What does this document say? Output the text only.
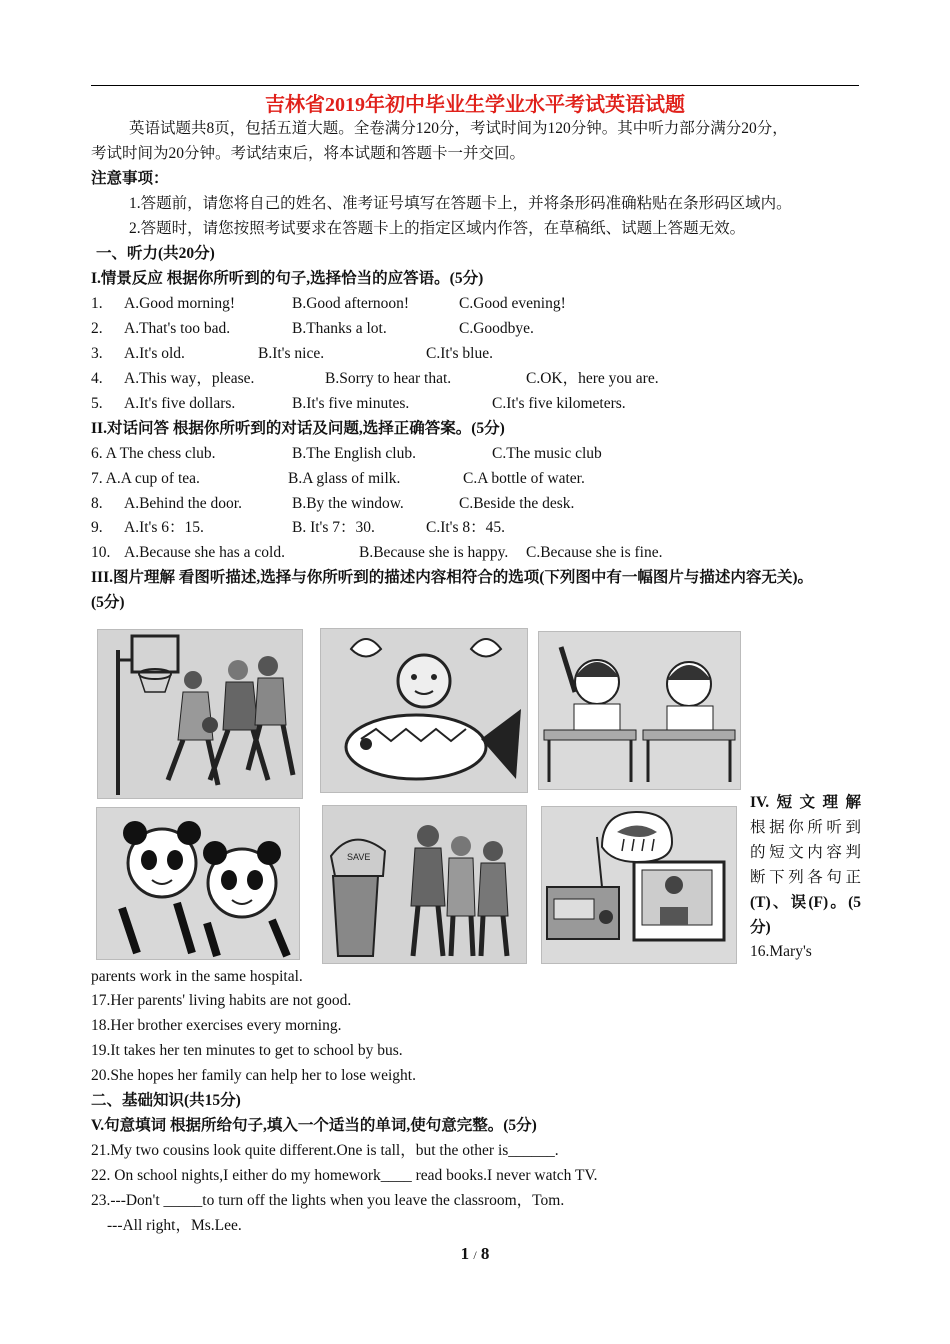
吉林省2019年初中毕业生学业水平考试英语试题
英语试题共8页，包括五道大题。全卷满分120分，考试时间为120分钟。其中听力部分满分20分，
考试时间为20分钟。考试结束后，将本试题和答题卡一并交回。
注意事项：
1.答题前，请您将自己的姓名、准考证号填写在答题卡上，并将条形码准确粘贴在条形码区域内。
2.答题时，请您按照考试要求在答题卡上的指定区域内作答，在草稿纸、试题上答题无效。
一、听力(共20分)
I.情景反应 根据你所听到的句子,选择恰当的应答语。(5分)
1. A.Good morning!	B.Good afternoon!	C.Good evening!
2. A.That's too bad.	B.Thanks a lot.	C.Goodbye.
3. A.It's old.	B.It's nice.	C.It's blue.
4. A.This way，please.	B.Sorry to hear that.	C.OK，here you are.
5. A.It's five dollars.	B.It's five minutes.	C.It's five kilometers.
II.对话问答 根据你所听到的对话及问题,选择正确答案。(5分)
6. A The chess club.	B.The English club.	C.The music club
7. A.A cup of tea.	B.A glass of milk.	C.A bottle of water.
8. A.Behind the door.	B.By the window.	C.Beside the desk.
9. A.It's 6：15.	B. It's 7：30.	C.It's 8：45.
10. A.Because she has a cold.	B.Because she is happy. C.Because she is fine.
III.图片理解 看图听描述,选择与你所听到的描述内容相符合的选项(下列图中有一幅图片与描述内容无关)。
(5分)
SAVE
IV.短文理解
根据你所听到
的短文内容判
断下列各句正
(T)、误(F)。(5
分)
16.Mary's
parents work in the same hospital.
17.Her parents' living habits are not good.
18.Her brother exercises every morning.
19.It takes her ten minutes to get to school by bus.
20.She hopes her family can help her to lose weight.
二、基础知识(共15分)
V.句意填词 根据所给句子,填入一个适当的单词,使句意完整。(5分)
21.My two cousins look quite different.One is tall，but the other is______.
22. On school nights,I either do my homework____ read books.I never watch TV.
23.---Don't _____to turn off the lights when you leave the classroom，Tom.
---All right，Ms.Lee.
1 / 8
